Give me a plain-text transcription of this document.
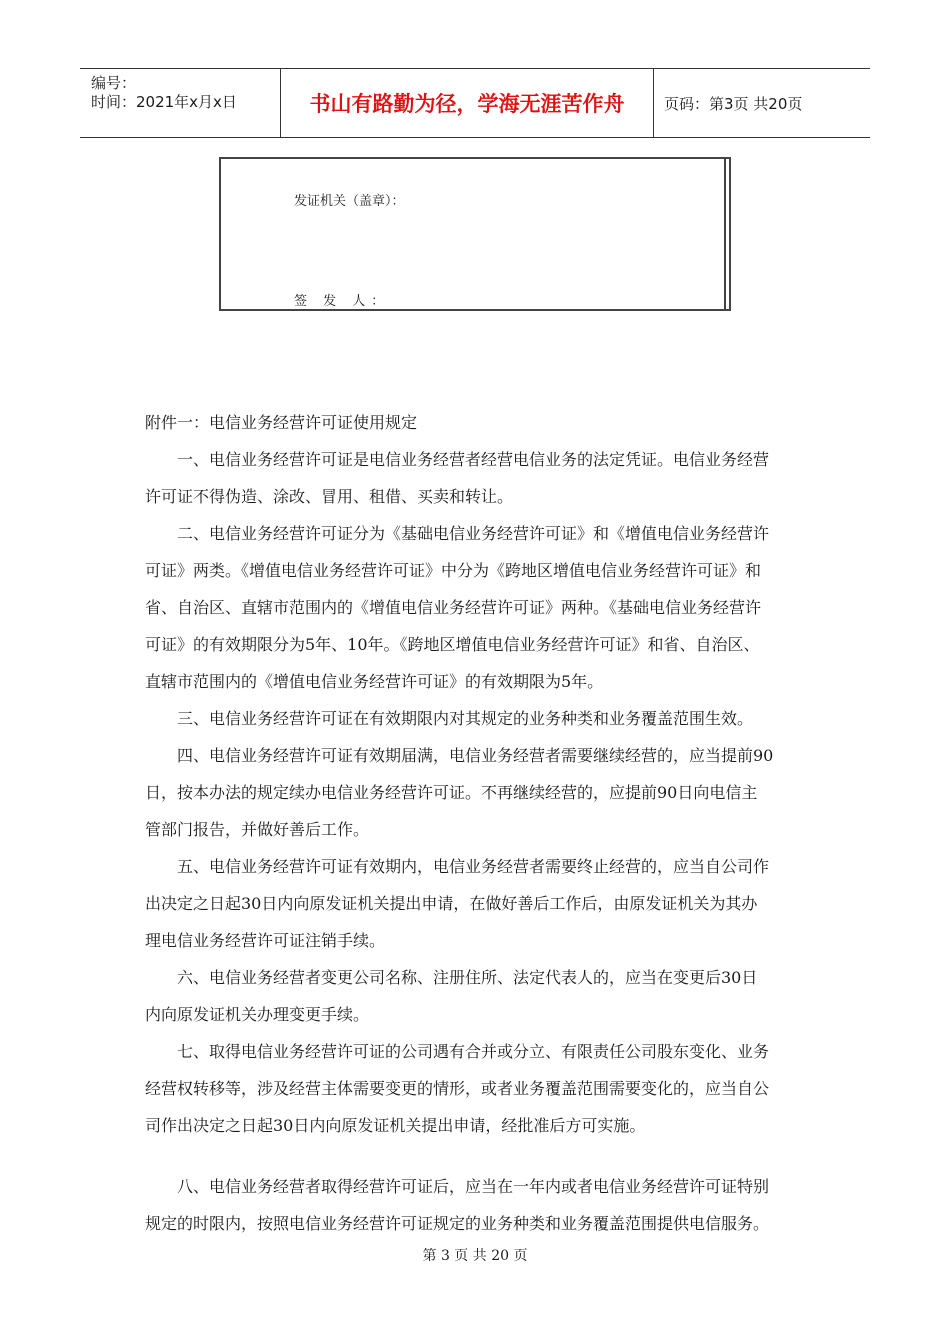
编号：
时间：2021年x月x日	书山有路勤为径，学海无涯苦作舟	页码：第3页 共20页
发证机关（盖章）：
签 发 人：
附件一：电信业务经营许可证使用规定
　　一、电信业务经营许可证是电信业务经营者经营电信业务的法定凭证。电信业务经营
许可证不得伪造、涂改、冒用、租借、买卖和转让。
　　二、电信业务经营许可证分为《基础电信业务经营许可证》和《增值电信业务经营许
可证》两类。《增值电信业务经营许可证》中分为《跨地区增值电信业务经营许可证》和
省、自治区、直辖市范围内的《增值电信业务经营许可证》两种。《基础电信业务经营许
可证》的有效期限分为5年、10年。《跨地区增值电信业务经营许可证》和省、自治区、
直辖市范围内的《增值电信业务经营许可证》的有效期限为5年。
　　三、电信业务经营许可证在有效期限内对其规定的业务种类和业务覆盖范围生效。
　　四、电信业务经营许可证有效期届满，电信业务经营者需要继续经营的，应当提前90
日，按本办法的规定续办电信业务经营许可证。不再继续经营的，应提前90日向电信主
管部门报告，并做好善后工作。
　　五、电信业务经营许可证有效期内，电信业务经营者需要终止经营的，应当自公司作
出决定之日起30日内向原发证机关提出申请，在做好善后工作后，由原发证机关为其办
理电信业务经营许可证注销手续。
　　六、电信业务经营者变更公司名称、注册住所、法定代表人的，应当在变更后30日
内向原发证机关办理变更手续。
　　七、取得电信业务经营许可证的公司遇有合并或分立、有限责任公司股东变化、业务
经营权转移等，涉及经营主体需要变更的情形，或者业务覆盖范围需要变化的，应当自公
司作出决定之日起30日内向原发证机关提出申请，经批准后方可实施。
　　八、电信业务经营者取得经营许可证后，应当在一年内或者电信业务经营许可证特别
规定的时限内，按照电信业务经营许可证规定的业务种类和业务覆盖范围提供电信服务。
第 3 页 共 20 页
